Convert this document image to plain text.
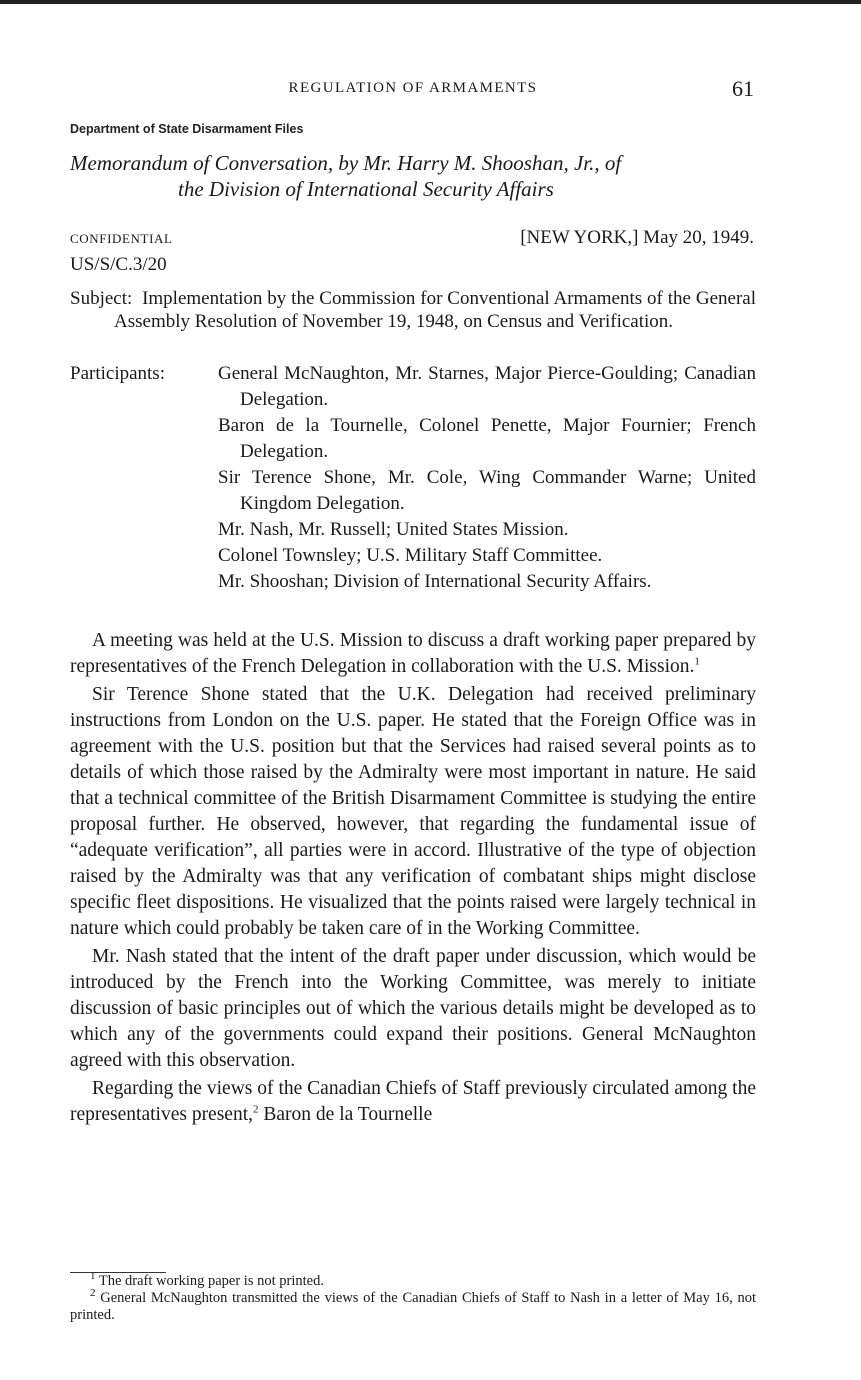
REGULATION OF ARMAMENTS	61
Department of State Disarmament Files
Memorandum of Conversation, by Mr. Harry M. Shooshan, Jr., of
the Division of International Security Affairs
CONFIDENTIAL	[NEW YORK,] May 20, 1949.
US/S/C.3/20

Subject: Implementation by the Commission for Conventional Armaments of the General Assembly Resolution of November 19, 1948, on Census and Verification.

Participants:	General McNaughton, Mr. Starnes, Major Pierce-Goulding; Canadian Delegation.
Baron de la Tournelle, Colonel Penette, Major Fournier; French Delegation.
Sir Terence Shone, Mr. Cole, Wing Commander Warne; United Kingdom Delegation.
Mr. Nash, Mr. Russell; United States Mission.
Colonel Townsley; U.S. Military Staff Committee.
Mr. Shooshan; Division of International Security Affairs.

A meeting was held at the U.S. Mission to discuss a draft working paper prepared by representatives of the French Delegation in collaboration with the U.S. Mission.$^1$

Sir Terence Shone stated that the U.K. Delegation had received preliminary instructions from London on the U.S. paper. He stated that the Foreign Office was in agreement with the U.S. position but that the Services had raised several points as to details of which those raised by the Admiralty were most important in nature. He said that a technical committee of the British Disarmament Committee is studying the entire proposal further. He observed, however, that regarding the fundamental issue of “adequate verification”, all parties were in accord. Illustrative of the type of objection raised by the Admiralty was that any verification of combatant ships might disclose specific fleet dispositions. He visualized that the points raised were largely technical in nature which could probably be taken care of in the Working Committee.

Mr. Nash stated that the intent of the draft paper under discussion, which would be introduced by the French into the Working Committee, was merely to initiate discussion of basic principles out of which the various details might be developed as to which any of the governments could expand their positions. General McNaughton agreed with this observation.

Regarding the views of the Canadian Chiefs of Staff previously circulated among the representatives present,$^2$ Baron de la Tournelle

$^1$ The draft working paper is not printed.

$^2$ General McNaughton transmitted the views of the Canadian Chiefs of Staff to Nash in a letter of May 16, not printed.
